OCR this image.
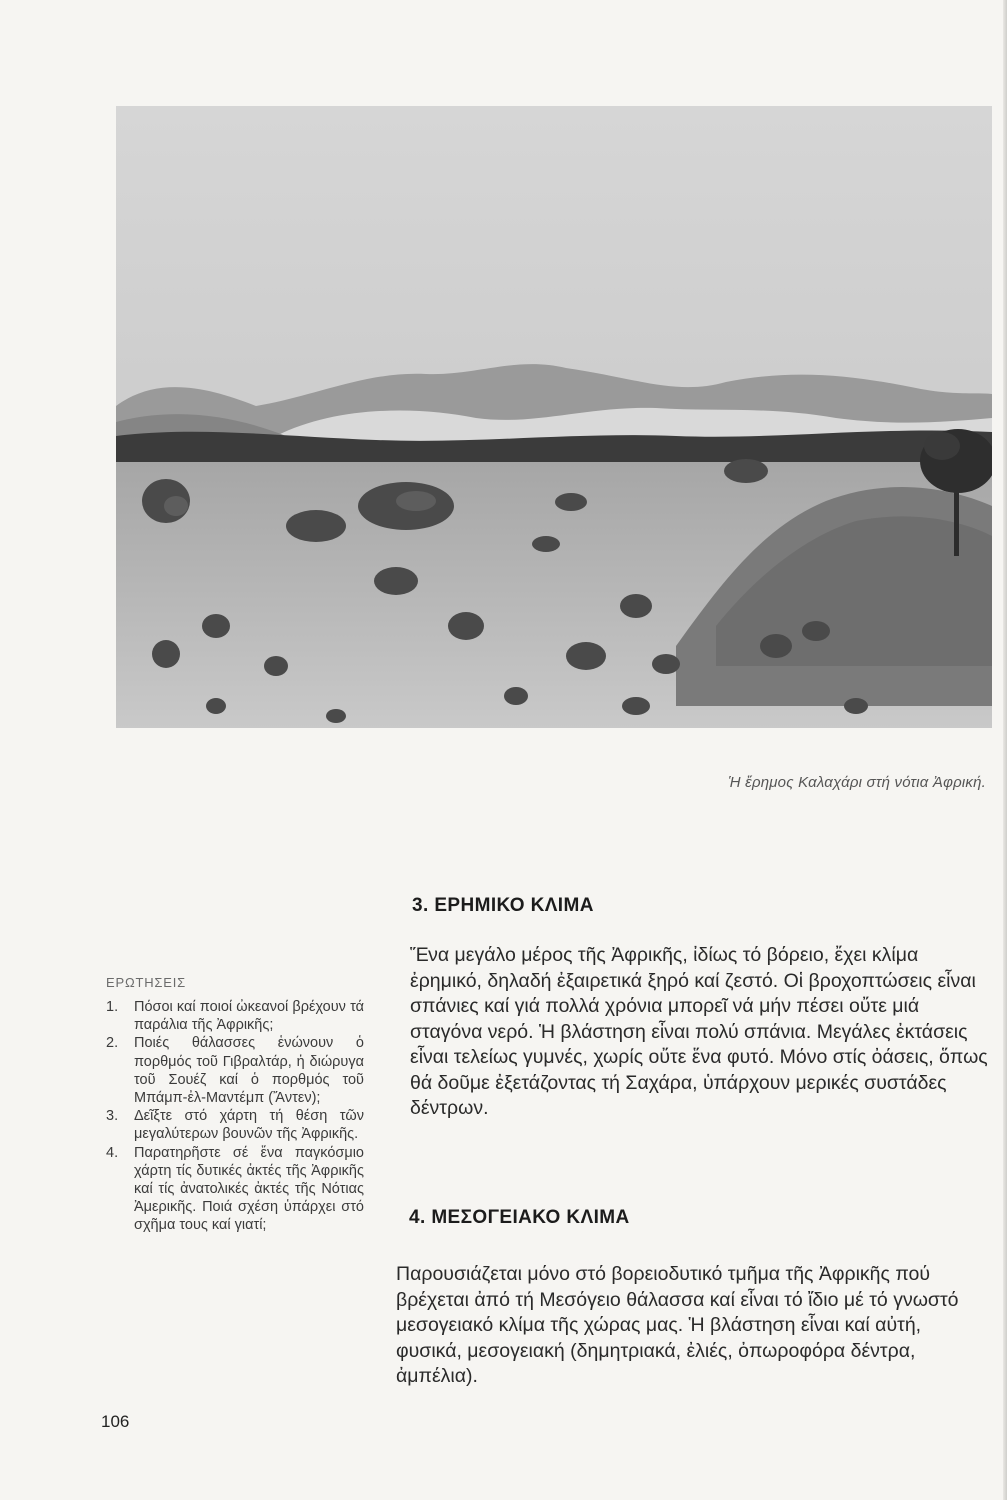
Ἡ ἔρημος Καλαχάρι στή νότια Ἀφρική.
3. ΕΡΗΜΙΚΟ ΚΛΙΜΑ

Ἕνα μεγάλο μέρος τῆς Ἀφρικῆς, ἰδίως τό βόρειο, ἔχει κλίμα ἐρημικό, δηλαδή ἐξαιρετικά ξηρό καί ζεστό. Οἱ βροχοπτώσεις εἶναι σπάνιες καί γιά πολλά χρόνια μπορεῖ νά μήν πέσει οὔτε μιά σταγόνα νερό. Ἡ βλάστηση εἶναι πολύ σπάνια. Μεγάλες ἐκτάσεις εἶναι τελείως γυμνές, χωρίς οὔτε ἕνα φυτό. Μόνο στίς ὀάσεις, ὅπως θά δοῦμε ἐξετάζοντας τή Σαχάρα, ὑπάρχουν μερικές συστάδες δέντρων.

4. ΜΕΣΟΓΕΙΑΚΟ ΚΛΙΜΑ

Παρουσιάζεται μόνο στό βορειοδυτικό τμῆμα τῆς Ἀφρικῆς πού βρέχεται ἀπό τή Μεσόγειο θάλασσα καί εἶναι τό ἴδιο μέ τό γνωστό μεσογειακό κλίμα τῆς χώρας μας. Ἡ βλάστηση εἶναι καί αὐτή, φυσικά, μεσογειακή (δημητριακά, ἐλιές, ὀπωροφόρα δέντρα, ἀμπέλια).

ΕΡΩΤΗΣΕΙΣ
1. Πόσοι καί ποιοί ὠκεανοί βρέχουν τά παράλια τῆς Ἀφρικῆς;
2. Ποιές θάλασσες ἑνώνουν ὁ πορθμός τοῦ Γιβραλτάρ, ἡ διώρυγα τοῦ Σουέζ καί ὁ πορθμός τοῦ Μπάμπ-ἐλ-Μαντέμπ (Ἄντεν);
3. Δεῖξτε στό χάρτη τή θέση τῶν μεγαλύτερων βουνῶν τῆς Ἀφρικῆς.
4. Παρατηρῆστε σέ ἕνα παγκόσμιο χάρτη τίς δυτικές ἀκτές τῆς Ἀφρικῆς καί τίς ἀνατολικές ἀκτές τῆς Νότιας Ἀμερικῆς. Ποιά σχέση ὑπάρχει στό σχῆμα τους καί γιατί;
106
